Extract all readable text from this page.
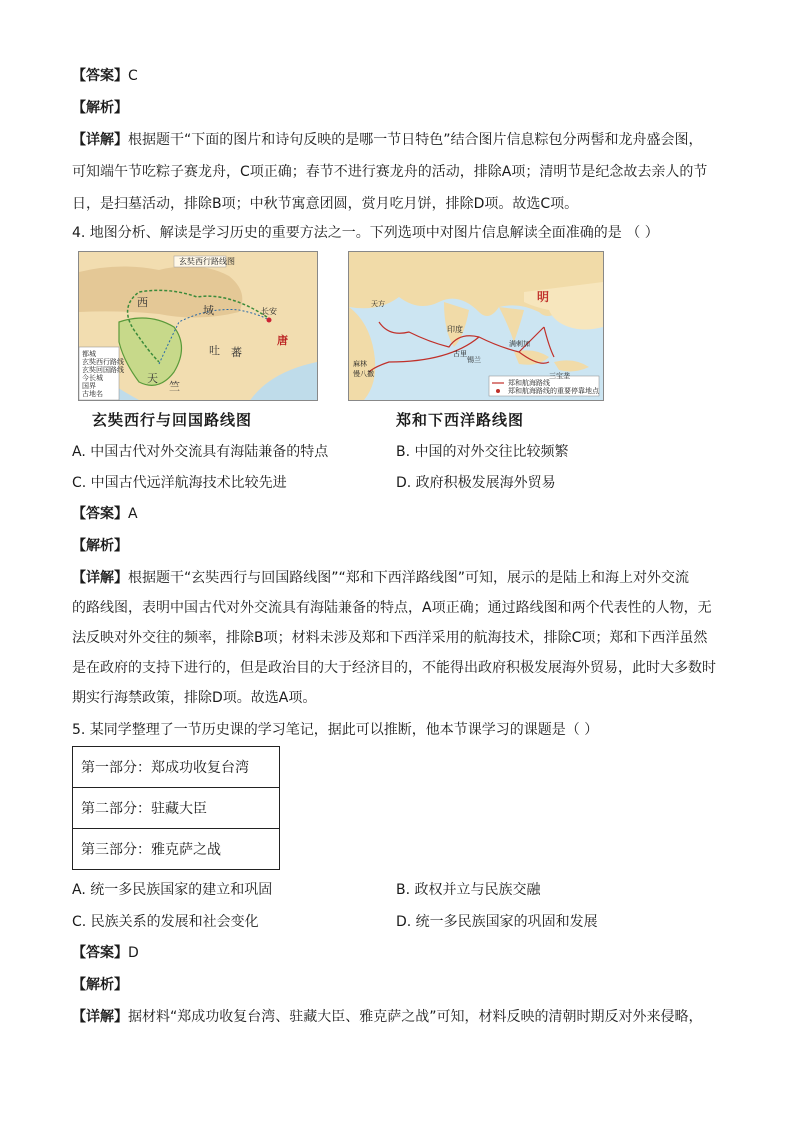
【答案】C
【解析】
【详解】根据题干“下面的图片和诗句反映的是哪一节日特色”结合图片信息粽包分两髻和龙舟盛会图，
可知端午节吃粽子赛龙舟，C项正确；春节不进行赛龙舟的活动，排除A项；清明节是纪念故去亲人的节
日，是扫墓活动，排除B项；中秋节寓意团圆，赏月吃月饼，排除D项。故选C项。
4. 地图分析、解读是学习历史的重要方法之一。下列选项中对图片信息解读全面准确的是 （ ）
玄奘西行路线图
西
域
吐 蕃
唐
天
竺
长安
都城
玄奘西行路线
玄奘回国路线
今长城
国界
古地名
玄奘西行与回国路线图
明
印度
天方
麻林
慢八撒
满剌加
三宝垄
古里
锡兰
郑和航海路线
郑和航海路线的重要停靠地点
郑和下西洋路线图
A. 中国古代对外交流具有海陆兼备的特点	B. 中国的对外交往比较频繁
C. 中国古代远洋航海技术比较先进	D. 政府积极发展海外贸易
【答案】A
【解析】
【详解】根据题干“玄奘西行与回国路线图”“郑和下西洋路线图”可知，展示的是陆上和海上对外交流
的路线图，表明中国古代对外交流具有海陆兼备的特点，A项正确；通过路线图和两个代表性的人物，无
法反映对外交往的频率，排除B项；材料未涉及郑和下西洋采用的航海技术，排除C项；郑和下西洋虽然
是在政府的支持下进行的，但是政治目的大于经济目的，不能得出政府积极发展海外贸易，此时大多数时
期实行海禁政策，排除D项。故选A项。
5. 某同学整理了一节历史课的学习笔记，据此可以推断，他本节课学习的课题是（ ）
第一部分：郑成功收复台湾
第二部分：驻藏大臣
第三部分：雅克萨之战
A. 统一多民族国家的建立和巩固	B. 政权并立与民族交融
C. 民族关系的发展和社会变化	D. 统一多民族国家的巩固和发展
【答案】D
【解析】
【详解】据材料“郑成功收复台湾、驻藏大臣、雅克萨之战”可知，材料反映的清朝时期反对外来侵略，
